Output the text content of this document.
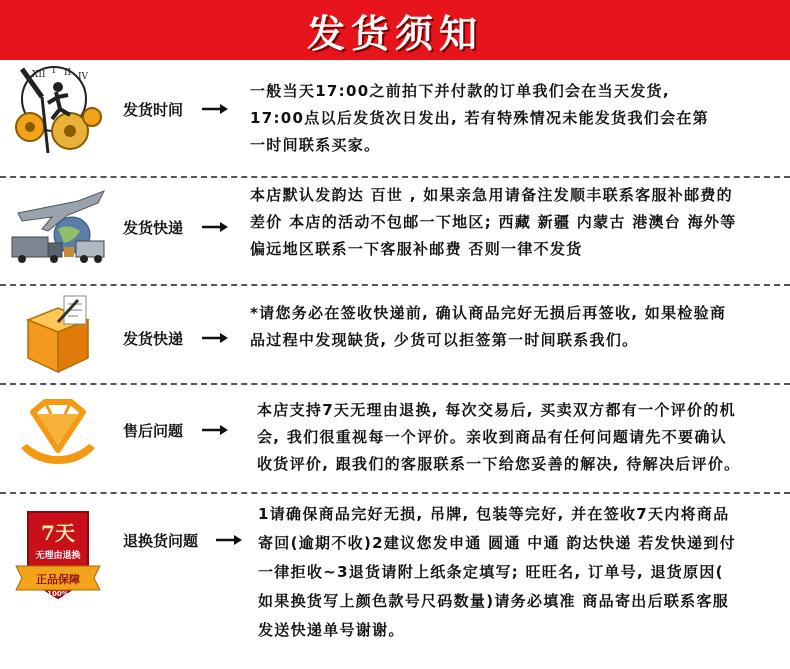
发货须知
XII I II IV
发货时间
一般当天17:00之前拍下并付款的订单我们会在当天发货,
17:00点以后发货次日发出, 若有特殊情况未能发货我们会在第
一时间联系买家。
发货快递
本店默认发韵达 百世 , 如果亲急用请备注发顺丰联系客服补邮费的
差价 本店的活动不包邮一下地区; 西藏 新疆 内蒙古 港澳台 海外等
偏远地区联系一下客服补邮费 否则一律不发货
发货快递
*请您务必在签收快递前, 确认商品完好无损后再签收, 如果检验商
品过程中发现缺货, 少货可以拒签第一时间联系我们。
售后问题
本店支持7天无理由退换, 每次交易后, 买卖双方都有一个评价的机
会, 我们很重视每一个评价。亲收到商品有任何问题请先不要确认
收货评价, 跟我们的客服联系一下给您妥善的解决, 待解决后评价。
7天
无理由退换
正品保障
100%
退换货问题
1请确保商品完好无损, 吊牌, 包装等完好, 并在签收7天内将商品
寄回(逾期不收)2建议您发申通 圆通 中通 韵达快递 若发快递到付
一律拒收~3退货请附上纸条定填写; 旺旺名, 订单号, 退货原因(
如果换货写上颜色款号尺码数量)请务必填准 商品寄出后联系客服
发送快递单号谢谢。
